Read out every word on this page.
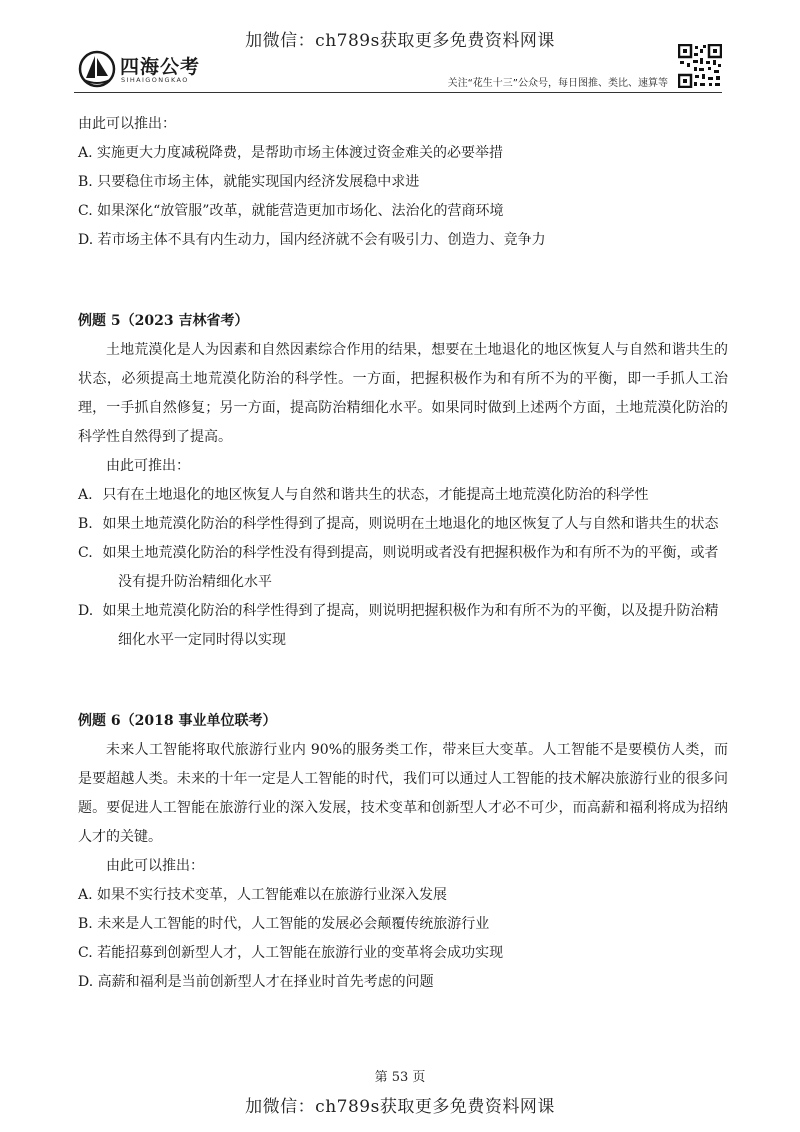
加微信：ch789s获取更多免费资料网课
四海公考
SIHAIGONGKAO	关注“花生十三”公众号，每日图推、类比、速算等

由此可以推出：

A. 实施更大力度减税降费，是帮助市场主体渡过资金难关的必要举措

B. 只要稳住市场主体，就能实现国内经济发展稳中求进

C. 如果深化“放管服”改革，就能营造更加市场化、法治化的营商环境

D. 若市场主体不具有内生动力，国内经济就不会有吸引力、创造力、竞争力

例题 5（2023 吉林省考）

土地荒漠化是人为因素和自然因素综合作用的结果，想要在土地退化的地区恢复人与自然和谐共生的状态，必须提高土地荒漠化防治的科学性。一方面，把握积极作为和有所不为的平衡，即一手抓人工治理，一手抓自然修复；另一方面，提高防治精细化水平。如果同时做到上述两个方面，土地荒漠化防治的科学性自然得到了提高。

由此可推出：

A. 只有在土地退化的地区恢复人与自然和谐共生的状态，才能提高土地荒漠化防治的科学性

B. 如果土地荒漠化防治的科学性得到了提高，则说明在土地退化的地区恢复了人与自然和谐共生的状态

C. 如果土地荒漠化防治的科学性没有得到提高，则说明或者没有把握积极作为和有所不为的平衡，或者没有提升防治精细化水平

D. 如果土地荒漠化防治的科学性得到了提高，则说明把握积极作为和有所不为的平衡，以及提升防治精细化水平一定同时得以实现

例题 6（2018 事业单位联考）

未来人工智能将取代旅游行业内 90%的服务类工作，带来巨大变革。人工智能不是要模仿人类，而是要超越人类。未来的十年一定是人工智能的时代，我们可以通过人工智能的技术解决旅游行业的很多问题。要促进人工智能在旅游行业的深入发展，技术变革和创新型人才必不可少，而高薪和福利将成为招纳人才的关键。

由此可以推出：

A. 如果不实行技术变革，人工智能难以在旅游行业深入发展

B. 未来是人工智能的时代，人工智能的发展必会颠覆传统旅游行业

C. 若能招募到创新型人才，人工智能在旅游行业的变革将会成功实现

D. 高薪和福利是当前创新型人才在择业时首先考虑的问题

第 53 页
加微信：ch789s获取更多免费资料网课
